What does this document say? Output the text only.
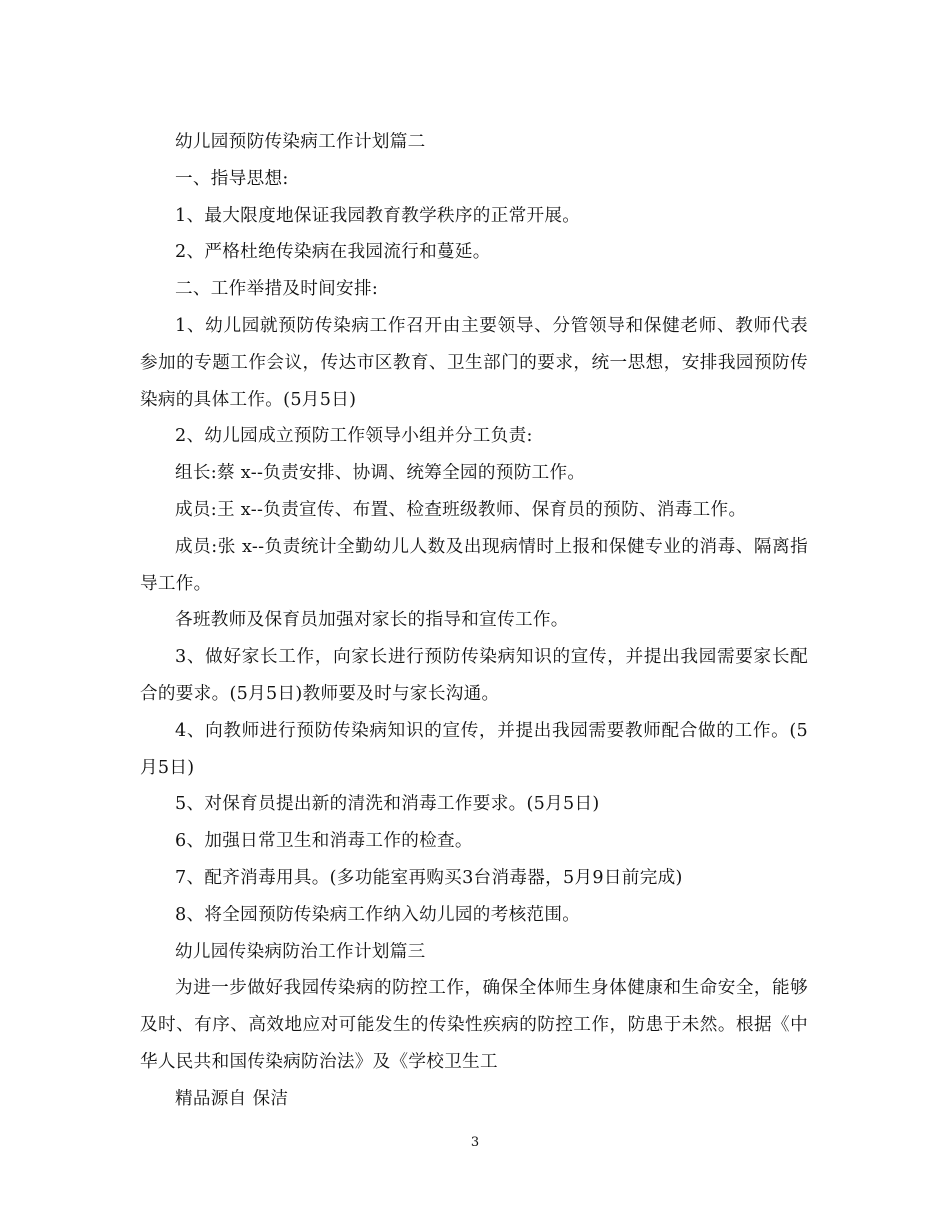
幼儿园预防传染病工作计划篇二

一、指导思想:

1、最大限度地保证我园教育教学秩序的正常开展。

2、严格杜绝传染病在我园流行和蔓延。

二、工作举措及时间安排:

1、幼儿园就预防传染病工作召开由主要领导、分管领导和保健老师、教师代表参加的专题工作会议，传达市区教育、卫生部门的要求，统一思想，安排我园预防传染病的具体工作。(5月5日)

2、幼儿园成立预防工作领导小组并分工负责:

组长:蔡 x--负责安排、协调、统筹全园的预防工作。

成员:王 x--负责宣传、布置、检查班级教师、保育员的预防、消毒工作。

成员:张 x--负责统计全勤幼儿人数及出现病情时上报和保健专业的消毒、隔离指导工作。

各班教师及保育员加强对家长的指导和宣传工作。

3、做好家长工作，向家长进行预防传染病知识的宣传，并提出我园需要家长配合的要求。(5月5日)教师要及时与家长沟通。

4、向教师进行预防传染病知识的宣传，并提出我园需要教师配合做的工作。(5月5日)

5、对保育员提出新的清洗和消毒工作要求。(5月5日)

6、加强日常卫生和消毒工作的检查。

7、配齐消毒用具。(多功能室再购买3台消毒器，5月9日前完成)

8、将全园预防传染病工作纳入幼儿园的考核范围。

幼儿园传染病防治工作计划篇三

为进一步做好我园传染病的防控工作，确保全体师生身体健康和生命安全，能够及时、有序、高效地应对可能发生的传染性疾病的防控工作，防患于未然。根据《中华人民共和国传染病防治法》及《学校卫生工

精品源自 保洁

3
